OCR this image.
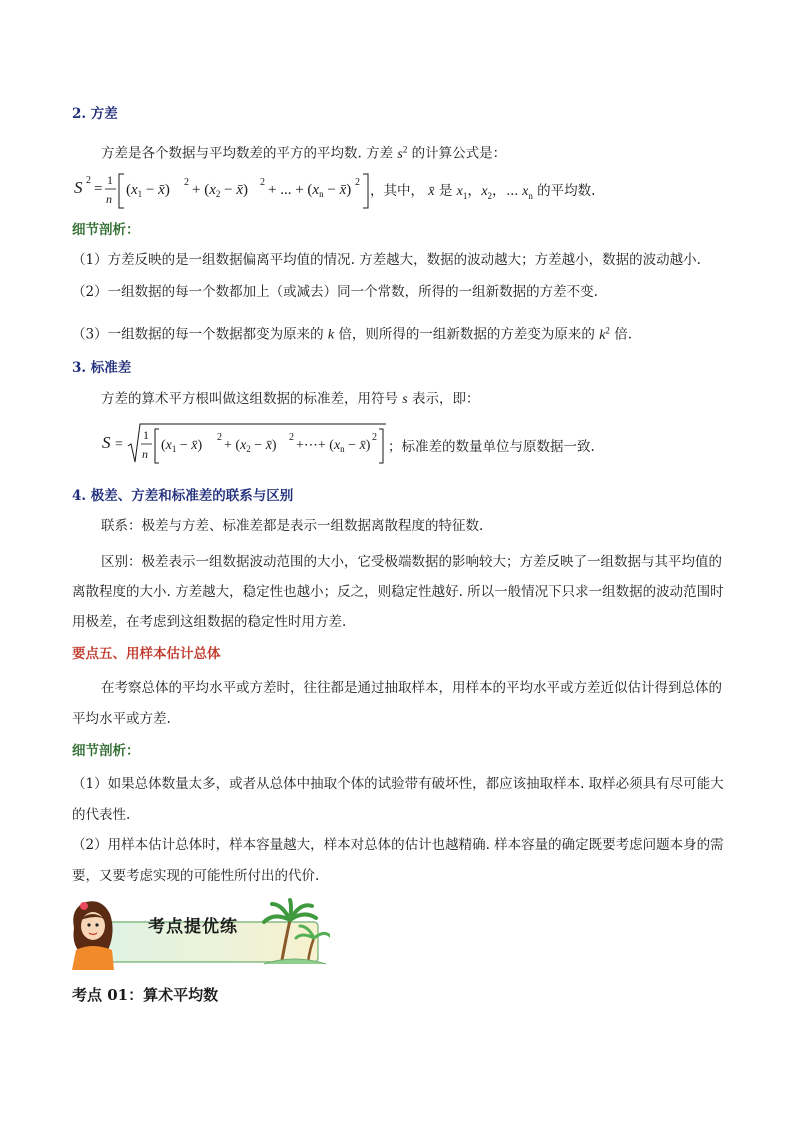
2. 方差
方差是各个数据与平均数差的平方的平均数. 方差 $s^2$ 的计算公式是：
S 2
=
1
n
($x_1$ − x̄) $2 + (x_2$ − x̄) 2 + ... + ($x_n$ − x̄) 2
，其中， x̄ 是 $x_1$，$x_2$，⋯ $x_n$ 的平均数.
细节剖析：
（1）方差反映的是一组数据偏离平均值的情况. 方差越大，数据的波动越大；方差越小，数据的波动越小.
（2）一组数据的每一个数都加上（或减去）同一个常数，所得的一组新数据的方差不变.
（3）一组数据的每一个数据都变为原来的 k 倍，则所得的一组新数据的方差变为原来的 $k^2$ 倍.
3. 标准差
方差的算术平方根叫做这组数据的标准差，用符号 s 表示，即：
S =
1
n
($x_1$ − x̄)
2
+ ($x_2$ − x̄)
2
+⋯+ ($x_n$ − x̄)
2
；标准差的数量单位与原数据一致.
4. 极差、方差和标准差的联系与区别
联系：极差与方差、标准差都是表示一组数据离散程度的特征数.
区别：极差表示一组数据波动范围的大小，它受极端数据的影响较大；方差反映了一组数据与其平均值的离散程度的大小. 方差越大，稳定性也越小；反之，则稳定性越好. 所以一般情况下只求一组数据的波动范围时用极差，在考虑到这组数据的稳定性时用方差.
要点五、用样本估计总体
在考察总体的平均水平或方差时，往往都是通过抽取样本，用样本的平均水平或方差近似估计得到总体的平均水平或方差.
细节剖析：
（1）如果总体数量太多，或者从总体中抽取个体的试验带有破坏性，都应该抽取样本. 取样必须具有尽可能大的代表性.
（2）用样本估计总体时，样本容量越大，样本对总体的估计也越精确. 样本容量的确定既要考虑问题本身的需要，又要考虑实现的可能性所付出的代价.
考点提优练
考点 01：算术平均数
